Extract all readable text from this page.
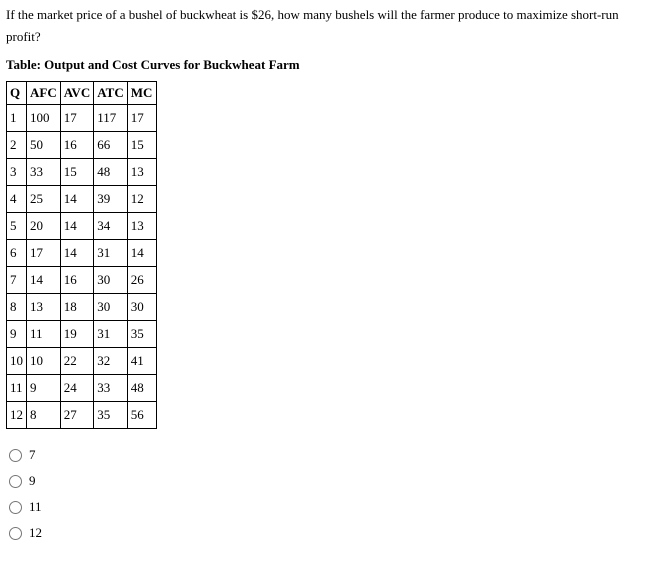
If the market price of a bushel of buckwheat is $26, how many bushels will the farmer produce to maximize short-run profit?

Table: Output and Cost Curves for Buckwheat Farm

Q	AFC	AVC	ATC	MC
1	100	17	117	17
2	50	16	66	15
3	33	15	48	13
4	25	14	39	12
5	20	14	34	13
6	17	14	31	14
7	14	16	30	26
8	13	18	30	30
9	11	19	31	35
10	10	22	32	41
11	9	24	33	48
12	8	27	35	56
7
9
11
12
